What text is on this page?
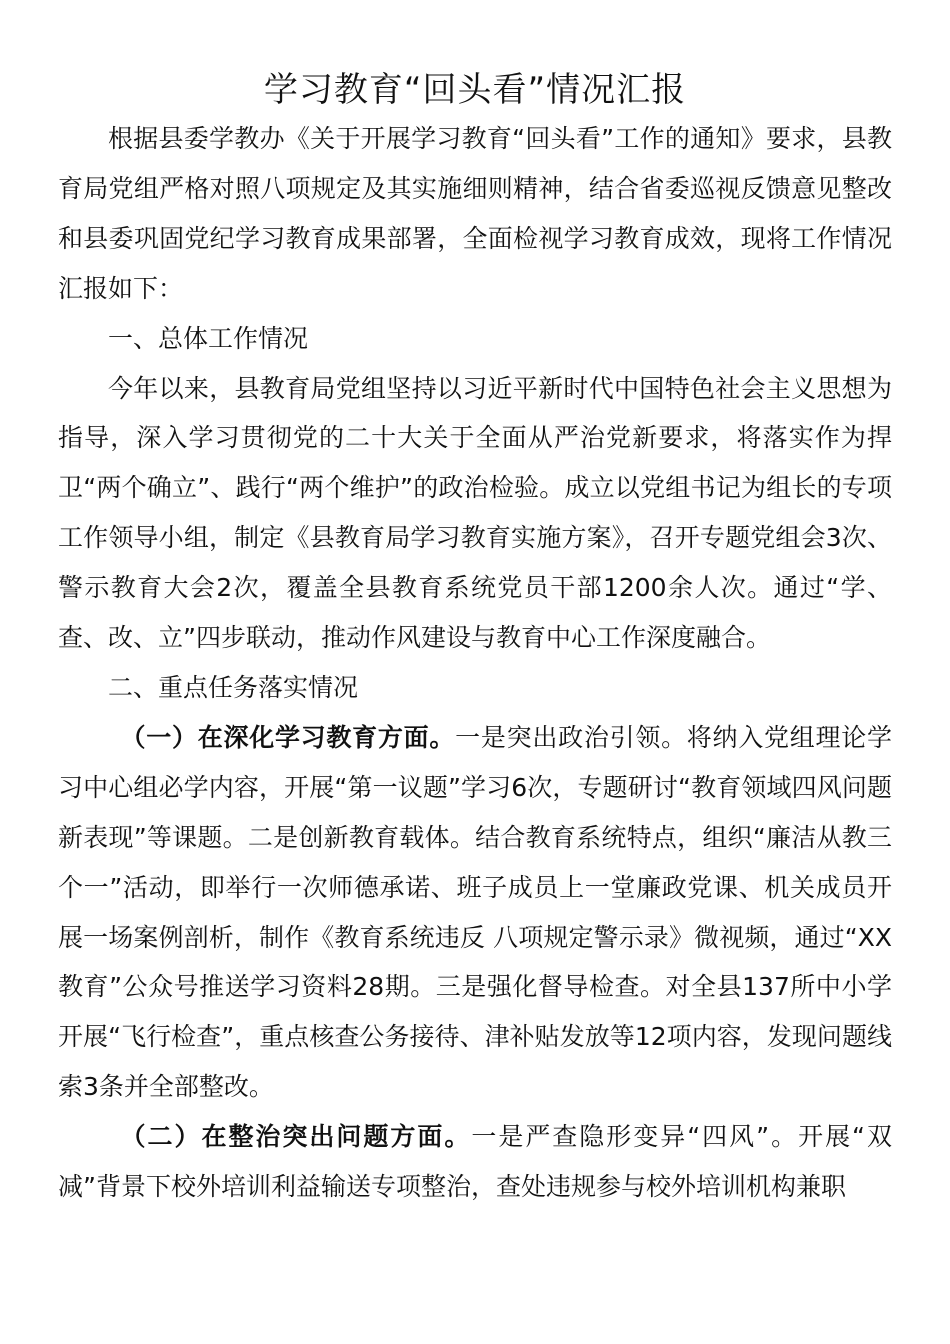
学习教育“回头看”情况汇报

根据县委学教办《关于开展学习教育“回头看”工作的通知》要求，县教育局党组严格对照八项规定及其实施细则精神，结合省委巡视反馈意见整改和县委巩固党纪学习教育成果部署，全面检视学习教育成效，现将工作情况汇报如下：

一、总体工作情况

今年以来，县教育局党组坚持以习近平新时代中国特色社会主义思想为指导，深入学习贯彻党的二十大关于全面从严治党新要求，将落实作为捍卫“两个确立”、践行“两个维护”的政治检验。成立以党组书记为组长的专项工作领导小组，制定《县教育局学习教育实施方案》，召开专题党组会3次、警示教育大会2次，覆盖全县教育系统党员干部1200余人次。通过“学、查、改、立”四步联动，推动作风建设与教育中心工作深度融合。

二、重点任务落实情况

（一）在深化学习教育方面。一是突出政治引领。将纳入党组理论学习中心组必学内容，开展“第一议题”学习6次，专题研讨“教育领域四风问题新表现”等课题。二是创新教育载体。结合教育系统特点，组织“廉洁从教三个一”活动，即举行一次师德承诺、班子成员上一堂廉政党课、机关成员开展一场案例剖析，制作《教育系统违反 八项规定警示录》微视频，通过“XX教育”公众号推送学习资料28期。三是强化督导检查。对全县137所中小学开展“飞行检查”，重点核查公务接待、津补贴发放等12项内容，发现问题线索3条并全部整改。

（二）在整治突出问题方面。一是严查隐形变异“四风”。开展“双减”背景下校外培训利益输送专项整治，查处违规参与校外培训机构兼职
